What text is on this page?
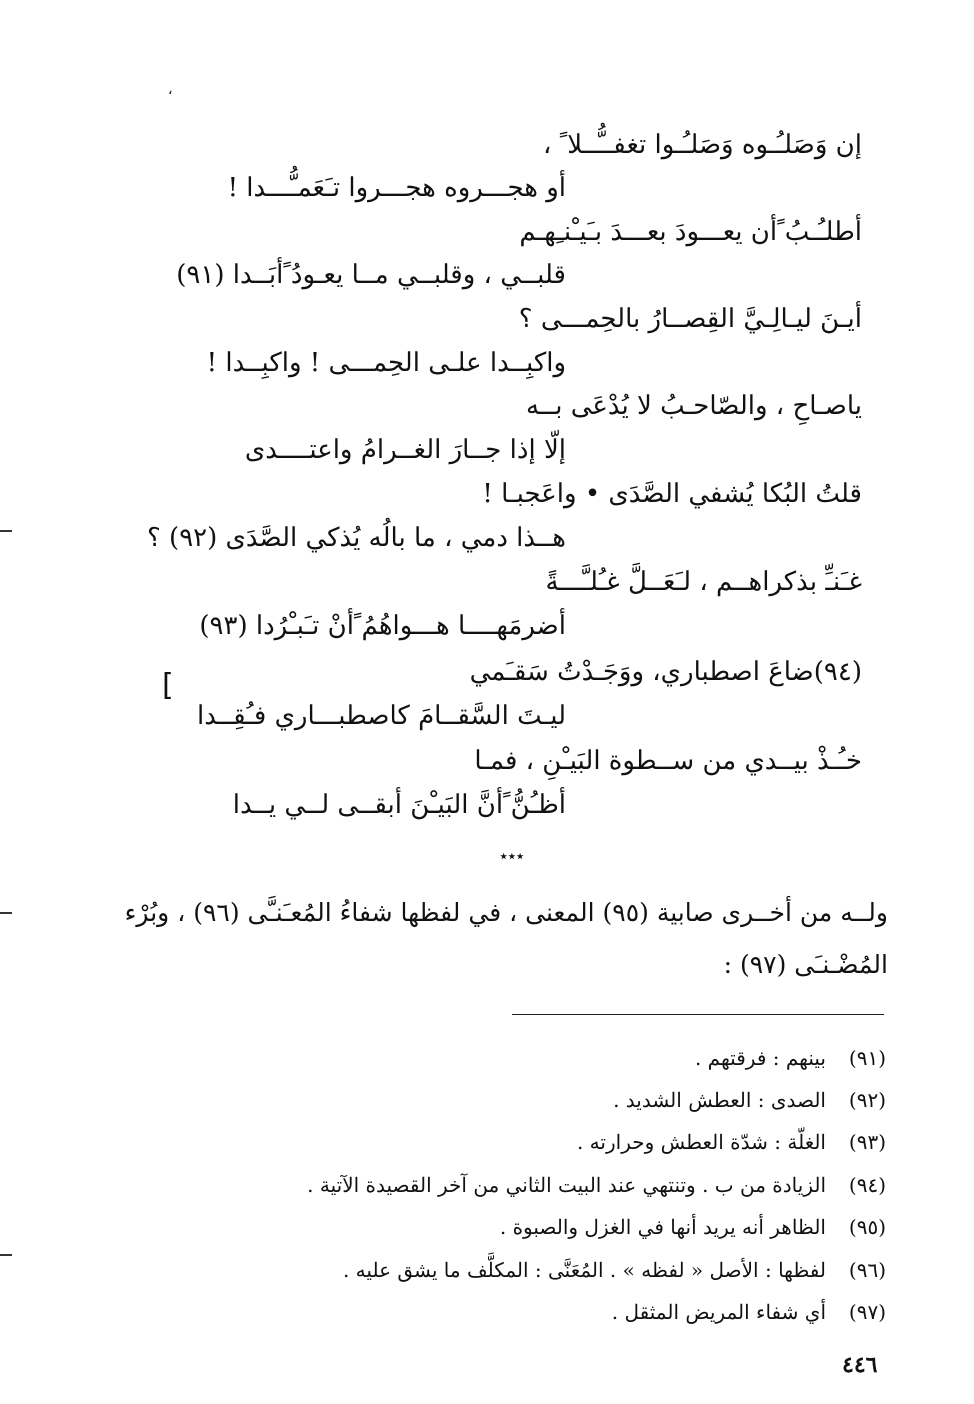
،
إن وَصَلـُـوه وَصَلـُـوا تغفــُّــلا ً ،
أو هجـــروه هجـــروا تـَعَمـُّـــدا !
أطلـُـبُ ًأن يعـــودَ بعـــدَ بـَيـْنـِهـم
قلبــي ، وقلبــي مــا يعـودُ ًأبَــدا (٩١)
أيـنَ ليـالِـيَّ القِصــارُ بالحِمـــى ؟
واكبِــدا علـى الحِمـــى ! واكبِــدا !
ياصـاحِ ، والصّاحـبُ لا يُدْعَى بــه
إلّا إذا جــارَ الغــرامُ واعتــــدى
قلتُ البُكا يُشفي الصَّدَى • واعَجبـا !
هــذا دمي ، ما بالُه يُذكي الصَّدَى (٩٢) ؟
غـَنـِّ بذكراهــم ، لـَعَــلَّ غـُلـَّـــةً
أضرمَهــــا هـــواهُمُ ًأنْ تـَبـْرُدا (٩٣)
(٩٤)ضاعَ اصطباري، ووَجَـدْتُ سَقـَمي
[
ليـتَ السَّقــامَ كاصطبـــاري فـُقِــدا
خـُـذْ بيــدي من ســطوة البَيـْنِ ، فمـا
أظـُنُّ ًأنَّ البَيـْنَ أبقــى لــي يــدا
⋆⋆⋆
ولــه من أخــرى صابية (٩٥) المعنى ، في لفظها شفاءُ المُعـَنـَّى (٩٦) ، وبُرْء
المُضْـنـَى (٩٧) :
(٩١)بينهم : فرقتهم .
(٩٢)الصدى : العطش الشديد .
(٩٣)الغلّة : شدّة العطش وحرارته .
(٩٤)الزيادة من ب . وتنتهي عند البيت الثاني من آخر القصيدة الآتية .
(٩٥)الظاهر أنه يريد أنها في الغزل والصبوة .
(٩٦)لفظها : الأصل « لفظه » . المُعَنَّى : المكلَّف ما يشق عليه .
(٩٧)أي شفاء المريض المثقل .
٤٤٦
